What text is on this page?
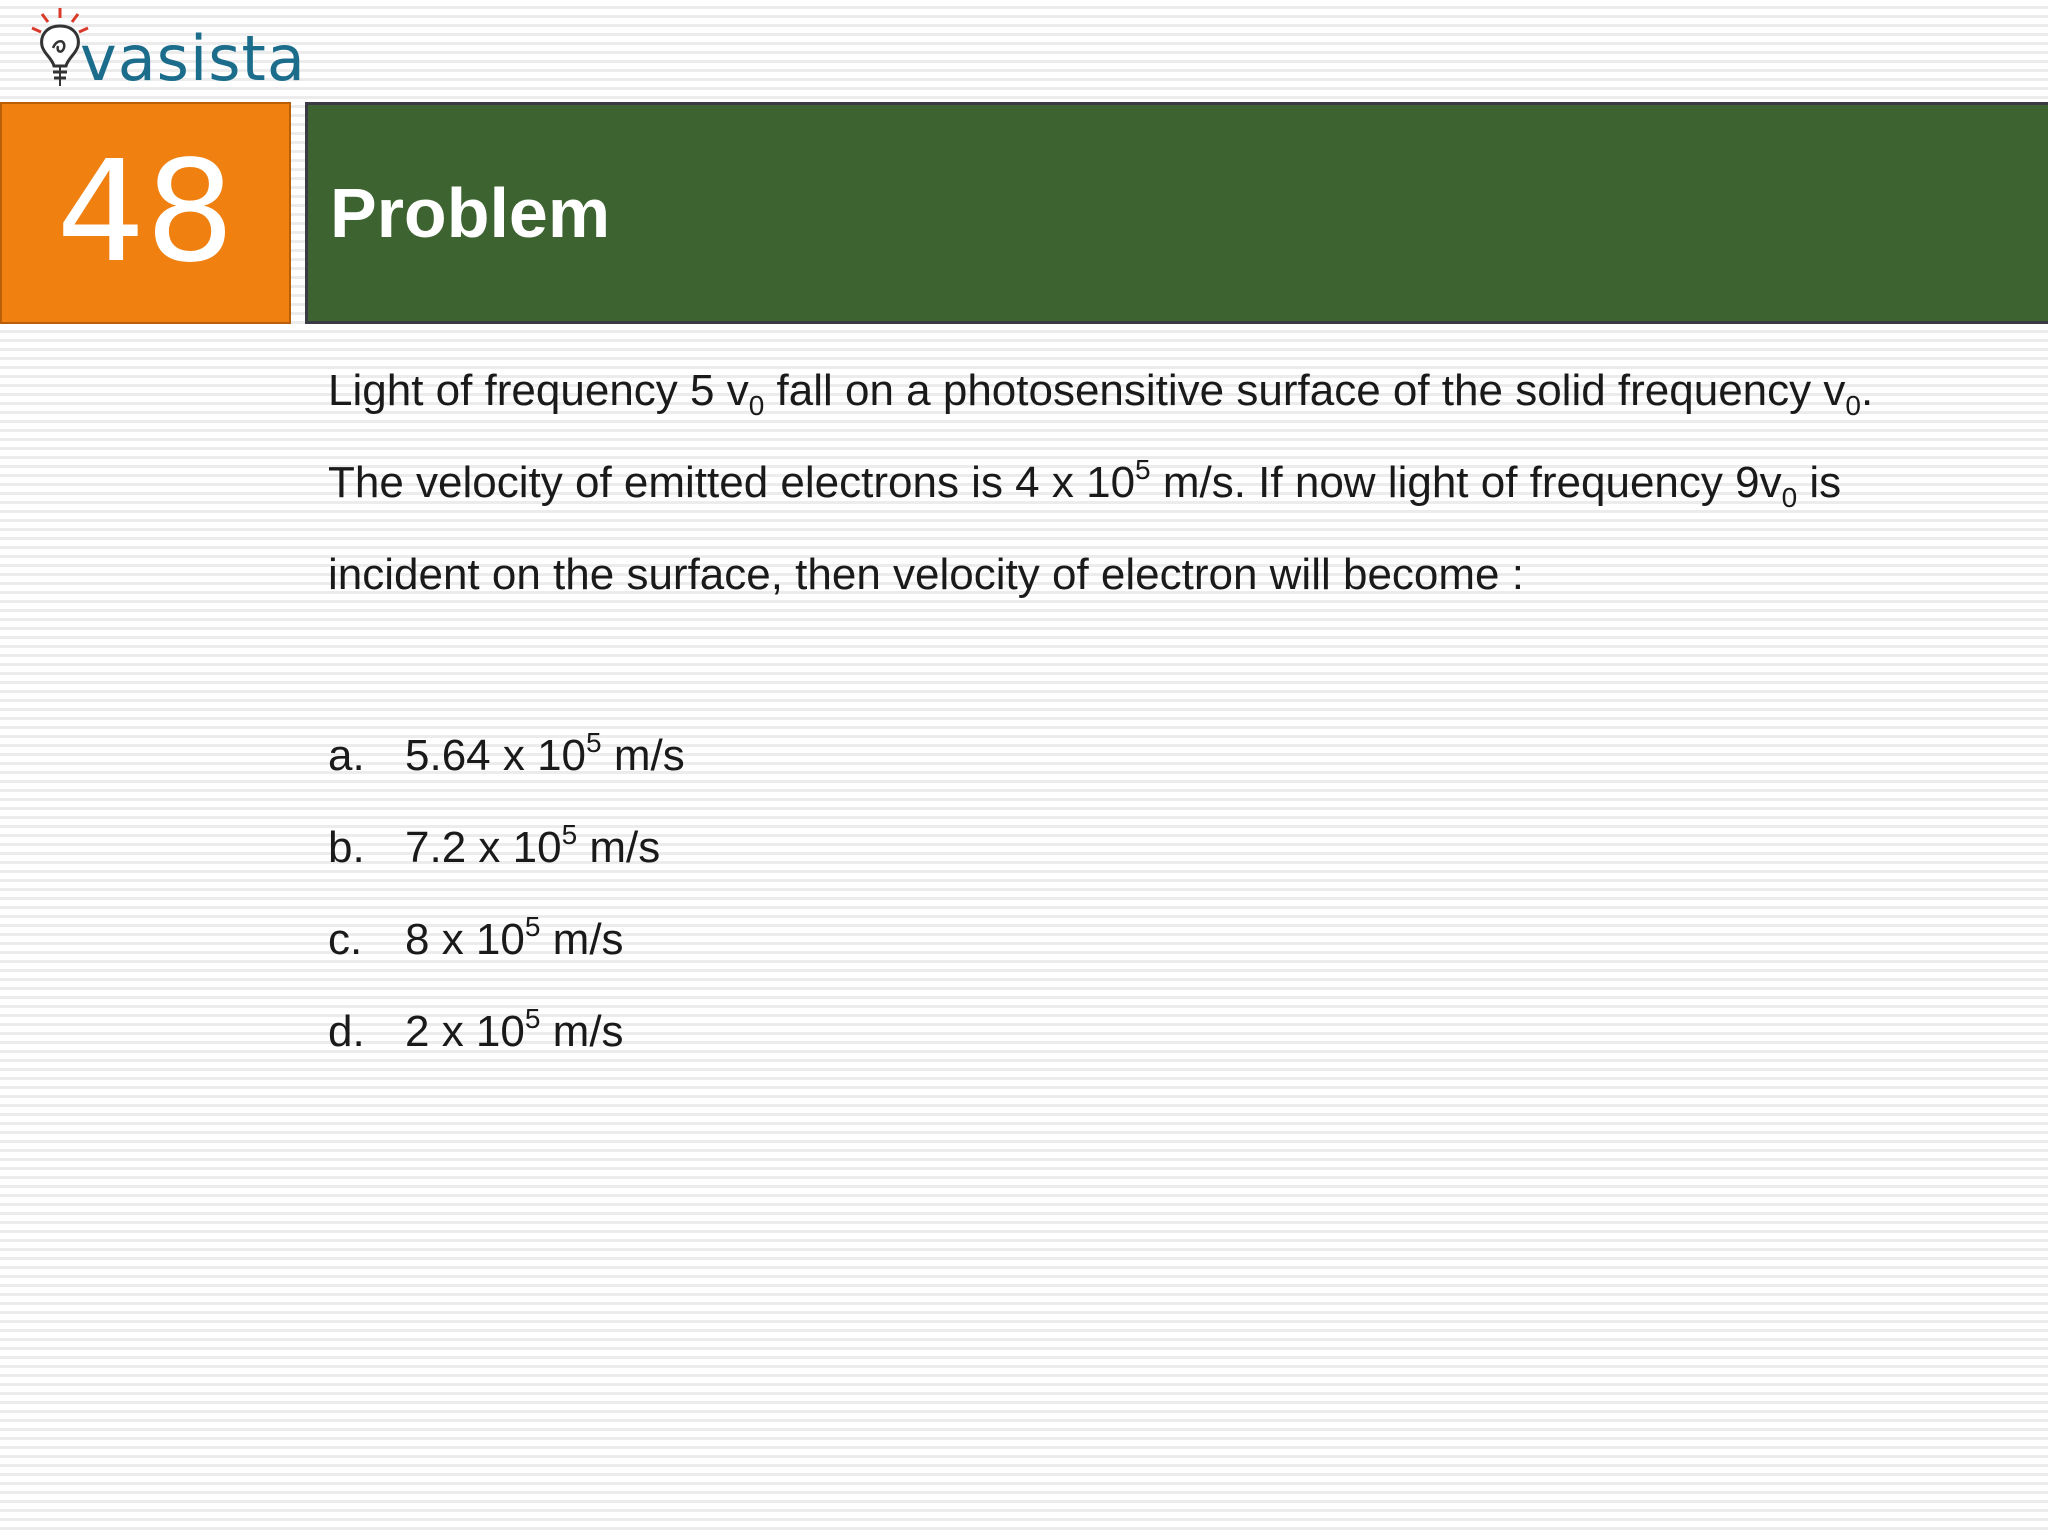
vasista
48 Problem
Light of frequency 5 $v_0$ fall on a photosensitive surface of the solid frequency $v_0$.
The velocity of emitted electrons is 4 x $10^5$ m/s. If now light of frequency $9v_0$ is
incident on the surface, then velocity of electron will become :
a. 5.64 x $10^5$ m/s
b. 7.2 x $10^5$ m/s
c. 8 x $10^5$ m/s
d. 2 x $10^5$ m/s
